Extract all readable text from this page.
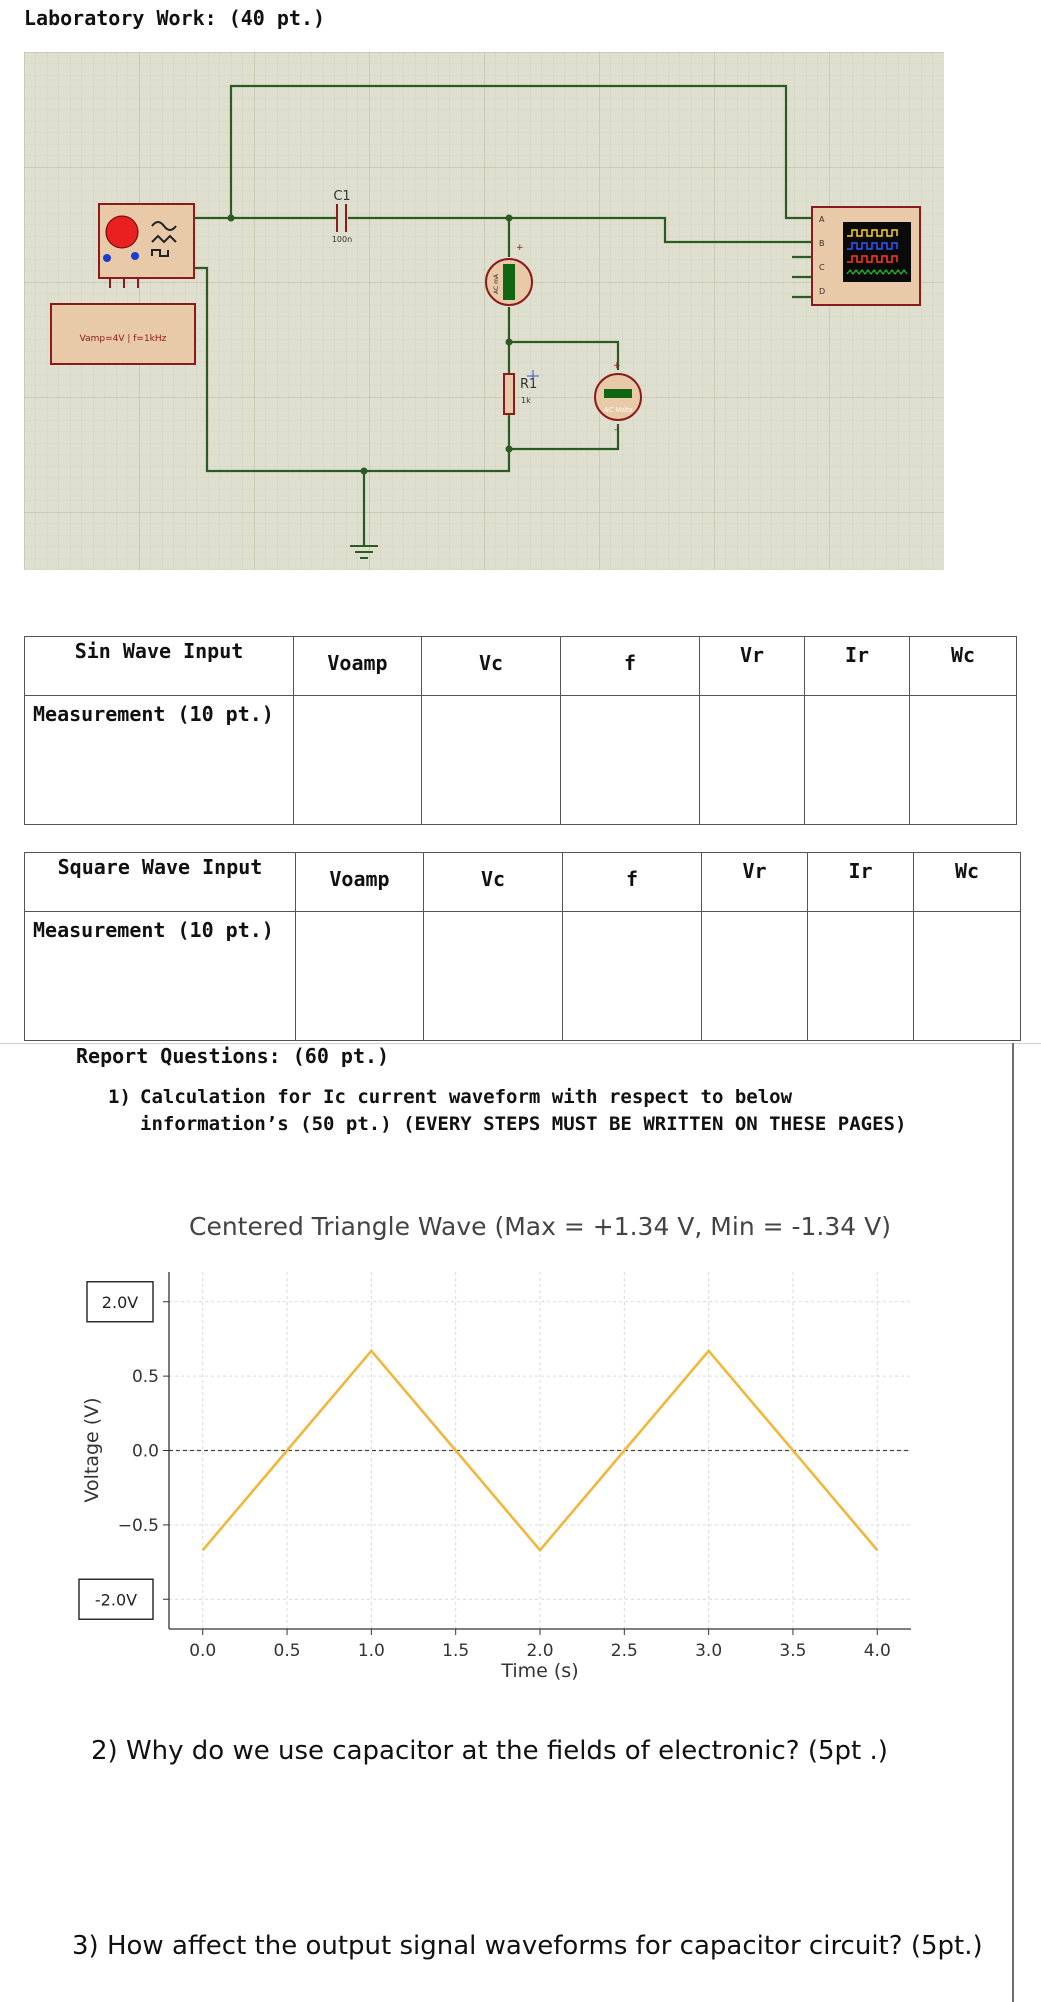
Laboratory Work: (40 pt.)
C1
100n
Vamp=4V | f=1kHz
AC mA
+
R1
1k
AC Volts
+
-
A
B
C
D
Sin Wave Input	Voamp	Vc	f	Vr	Ir	Wc
Measurement (10 pt.)						
Square Wave Input	Voamp	Vc	f	Vr	Ir	Wc
Measurement (10 pt.)						
Report Questions: (60 pt.)
1) Calculation for Ic current waveform with respect to below information’s (50 pt.) (EVERY STEPS MUST BE WRITTEN ON THESE PAGES)
Centered Triangle Wave (Max = +1.34 V, Min = -1.34 V)
0.0	0.5	1.0	1.5	2.0	2.5	3.0	3.5	4.0
2.0V
0.5
0.0
−0.5
-2.0V
Time (s)
Voltage (V)
2) Why do we use capacitor at the fields of electronic? (5pt .)
3) How affect the output signal waveforms for capacitor circuit? (5pt.)
